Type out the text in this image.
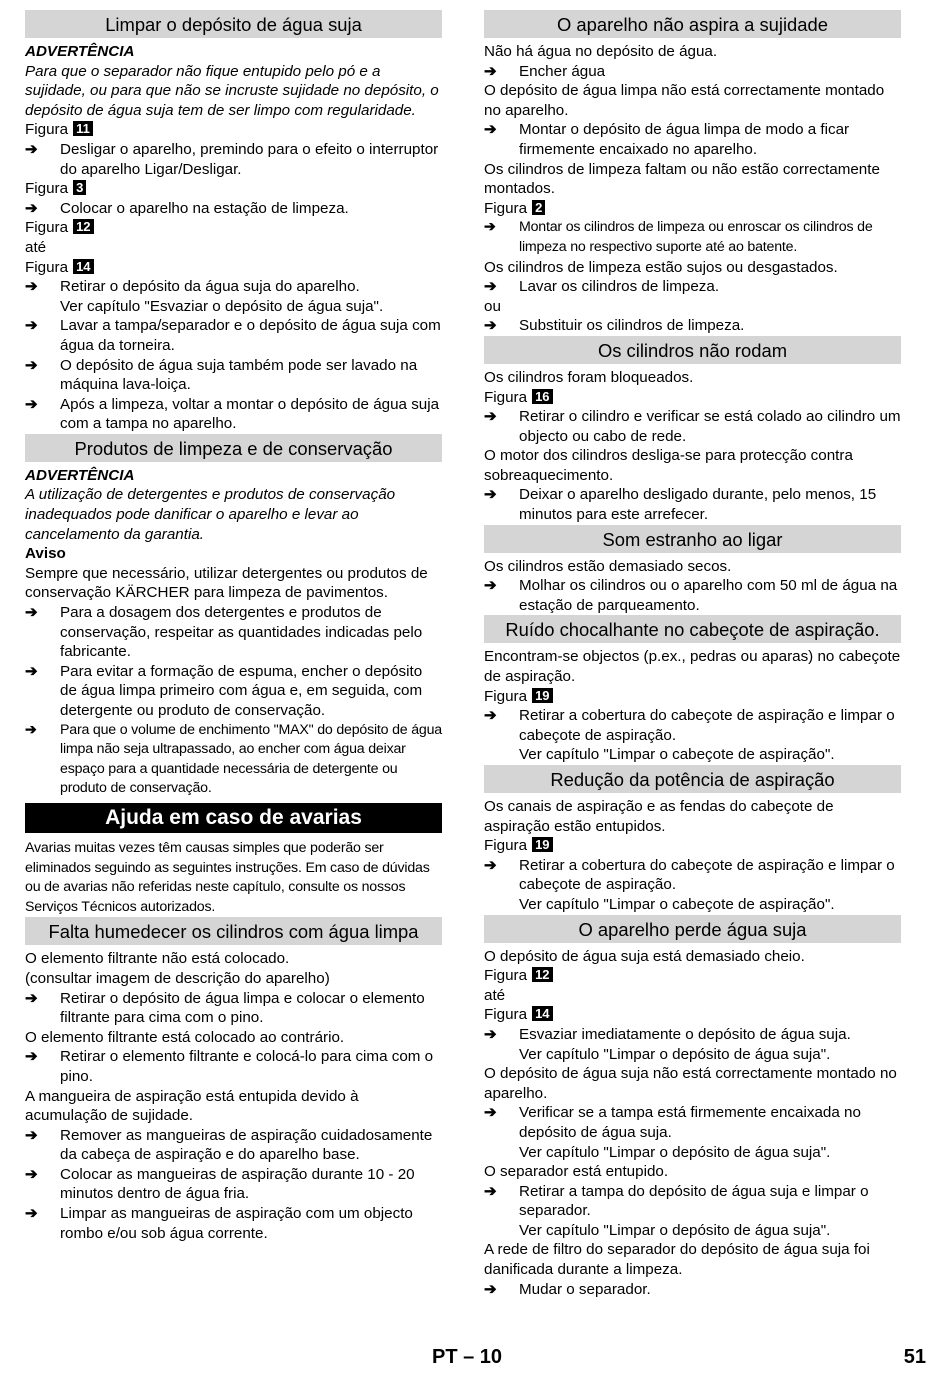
Limpar o depósito de água suja

ADVERTÊNCIA

Para que o separador não fique entupido pelo pó e a sujidade, ou para que não se incruste sujidade no depósito, o depósito de água suja tem de ser limpo com regularidade.

Figura 11

➔	Desligar o aparelho, premindo para o efeito o interruptor do aparelho Ligar/Desligar.

Figura 3

➔	Colocar o aparelho na estação de limpeza.

Figura 12

até

Figura 14

➔	Retirar o depósito da água suja do aparelho.
Ver capítulo "Esvaziar o depósito de água suja".
➔	Lavar a tampa/separador e o depósito de água suja com água da torneira.
➔	O depósito de água suja também pode ser lavado na máquina lava-loiça.
➔	Após a limpeza, voltar a montar o depósito de água suja com a tampa no aparelho.
Produtos de limpeza e de conservação

ADVERTÊNCIA

A utilização de detergentes e produtos de conservação inadequados pode danificar o aparelho e levar ao cancelamento da garantia.

Aviso

Sempre que necessário, utilizar detergentes ou produtos de conservação KÄRCHER para limpeza de pavimentos.

➔	Para a dosagem dos detergentes e produtos de conservação, respeitar as quantidades indicadas pelo fabricante.
➔	Para evitar a formação de espuma, encher o depósito de água limpa primeiro com água e, em seguida, com detergente ou produto de conservação.
➔	Para que o volume de enchimento "MAX" do depósito de água limpa não seja ultrapassado, ao encher com água deixar espaço para a quantidade necessária de detergente ou produto de conservação.
Ajuda em caso de avarias

Avarias muitas vezes têm causas simples que poderão ser eliminados seguindo as seguintes instruções. Em caso de dúvidas ou de avarias não referidas neste capítulo, consulte os nossos Serviços Técnicos autorizados.

Falta humedecer os cilindros com água limpa

O elemento filtrante não está colocado.

(consultar imagem de descrição do aparelho)

➔	Retirar o depósito de água limpa e colocar o elemento filtrante para cima com o pino.

O elemento filtrante está colocado ao contrário.

➔	Retirar o elemento filtrante e colocá-lo para cima com o pino.

A mangueira de aspiração está entupida devido à acumulação de sujidade.

➔	Remover as mangueiras de aspiração cuidadosamente da cabeça de aspiração e do aparelho base.
➔	Colocar as mangueiras de aspiração durante 10 - 20 minutos dentro de água fria.
➔	Limpar as mangueiras de aspiração com um objecto rombo e/ou sob água corrente.
O aparelho não aspira a sujidade

Não há água no depósito de água.

➔	Encher água

O depósito de água limpa não está correctamente montado no aparelho.

➔	Montar o depósito de água limpa de modo a ficar firmemente encaixado no aparelho.

Os cilindros de limpeza faltam ou não estão correctamente montados.

Figura 2

➔	Montar os cilindros de limpeza ou enroscar os cilindros de limpeza no respectivo suporte até ao batente.

Os cilindros de limpeza estão sujos ou desgastados.

➔	Lavar os cilindros de limpeza.

ou

➔	Substituir os cilindros de limpeza.
Os cilindros não rodam

Os cilindros foram bloqueados.

Figura 16

➔	Retirar o cilindro e verificar se está colado ao cilindro um objecto ou cabo de rede.

O motor dos cilindros desliga-se para protecção contra sobreaquecimento.

➔	Deixar o aparelho desligado durante, pelo menos, 15 minutos para este arrefecer.
Som estranho ao ligar

Os cilindros estão demasiado secos.

➔	Molhar os cilindros ou o aparelho com 50 ml de água na estação de parqueamento.
Ruído chocalhante no cabeçote de aspiração.

Encontram-se objectos (p.ex., pedras ou aparas) no cabeçote de aspiração.

Figura 19

➔	Retirar a cobertura do cabeçote de aspiração e limpar o cabeçote de aspiração.
Ver capítulo "Limpar o cabeçote de aspiração".
Redução da potência de aspiração

Os canais de aspiração e as fendas do cabeçote de aspiração estão entupidos.

Figura 19

➔	Retirar a cobertura do cabeçote de aspiração e limpar o cabeçote de aspiração.
Ver capítulo "Limpar o cabeçote de aspiração".
O aparelho perde água suja

O depósito de água suja está demasiado cheio.

Figura 12

até

Figura 14

➔	Esvaziar imediatamente o depósito de água suja.
Ver capítulo "Limpar o depósito de água suja".

O depósito de água suja não está correctamente montado no aparelho.

➔	Verificar se a tampa está firmemente encaixada no depósito de água suja.
Ver capítulo "Limpar o depósito de água suja".

O separador está entupido.

➔	Retirar a tampa do depósito de água suja e limpar o separador.
Ver capítulo "Limpar o depósito de água suja".

A rede de filtro do separador do depósito de água suja foi danificada durante a limpeza.

➔	Mudar o separador.
PT – 10	51
